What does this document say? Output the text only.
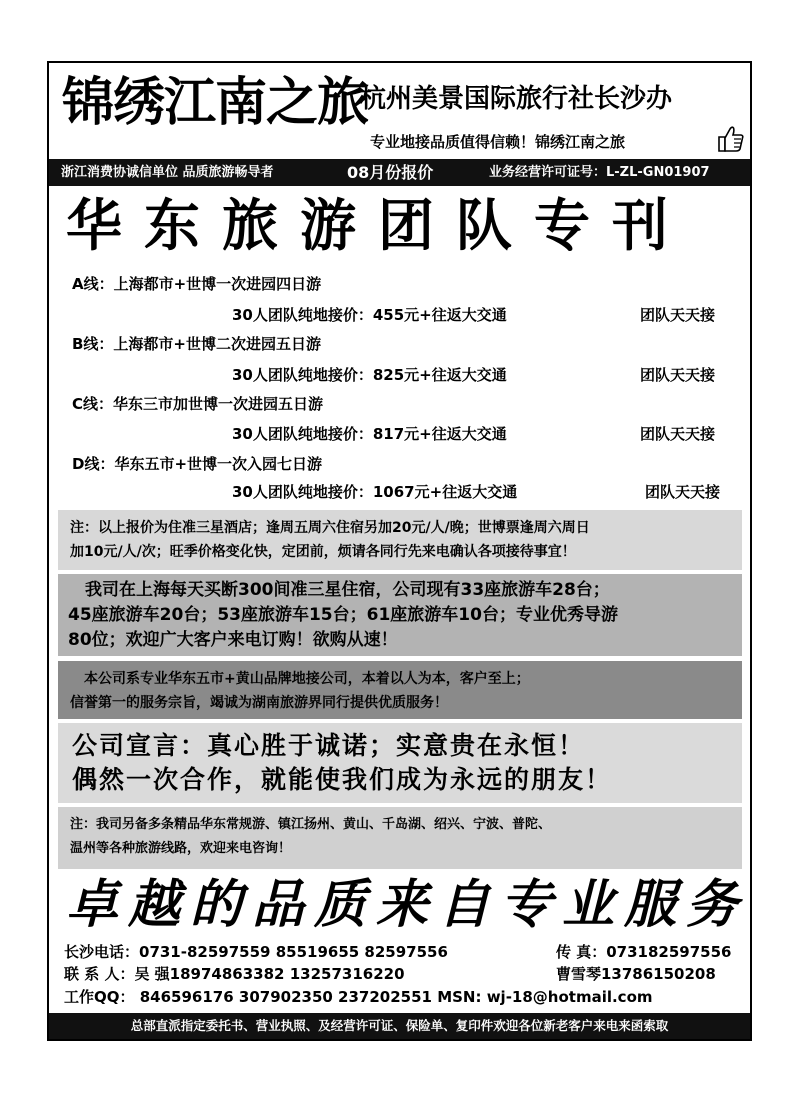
锦绣江南之旅
杭州美景国际旅行社长沙办
专业地接品质值得信赖！锦绣江南之旅
浙江消费协诚信单位 品质旅游畅导者	08月份报价	业务经营许可证号：L-ZL-GN01907
华东旅游团队专刊
A线：上海都市+世博一次进园四日游
30人团队纯地接价：455元+往返大交通	团队天天接
B线：上海都市+世博二次进园五日游
30人团队纯地接价：825元+往返大交通	团队天天接
C线：华东三市加世博一次进园五日游
30人团队纯地接价：817元+往返大交通	团队天天接
D线：华东五市+世博一次入园七日游
30人团队纯地接价：1067元+往返大交通	团队天天接
注：以上报价为住准三星酒店；逢周五周六住宿另加20元/人/晚；世博票逢周六周日
加10元/人/次；旺季价格变化快，定团前，烦请各同行先来电确认各项接待事宜！
　我司在上海每天买断300间准三星住宿，公司现有33座旅游车28台；
45座旅游车20台；53座旅游车15台；61座旅游车10台；专业优秀导游
80位；欢迎广大客户来电订购！欲购从速！
　本公司系专业华东五市+黄山品牌地接公司，本着以人为本，客户至上；
信誉第一的服务宗旨，竭诚为湖南旅游界同行提供优质服务！
公司宣言：真心胜于诚诺；实意贵在永恒！
偶然一次合作，就能使我们成为永远的朋友！
注：我司另备多条精品华东常规游、镇江扬州、黄山、千岛湖、绍兴、宁波、普陀、
温州等各种旅游线路，欢迎来电咨询！
卓越的品质来自专业服务
长沙电话：0731-82597559 85519655 82597556	传 真：073182597556
联 系 人：吴 强18974863382 13257316220	曹雪琴13786150208
工作QQ： 846596176 307902350 237202551 MSN: wj-18@hotmail.com
总部直派指定委托书、营业执照、及经营许可证、保险单、复印件欢迎各位新老客户来电来函索取
